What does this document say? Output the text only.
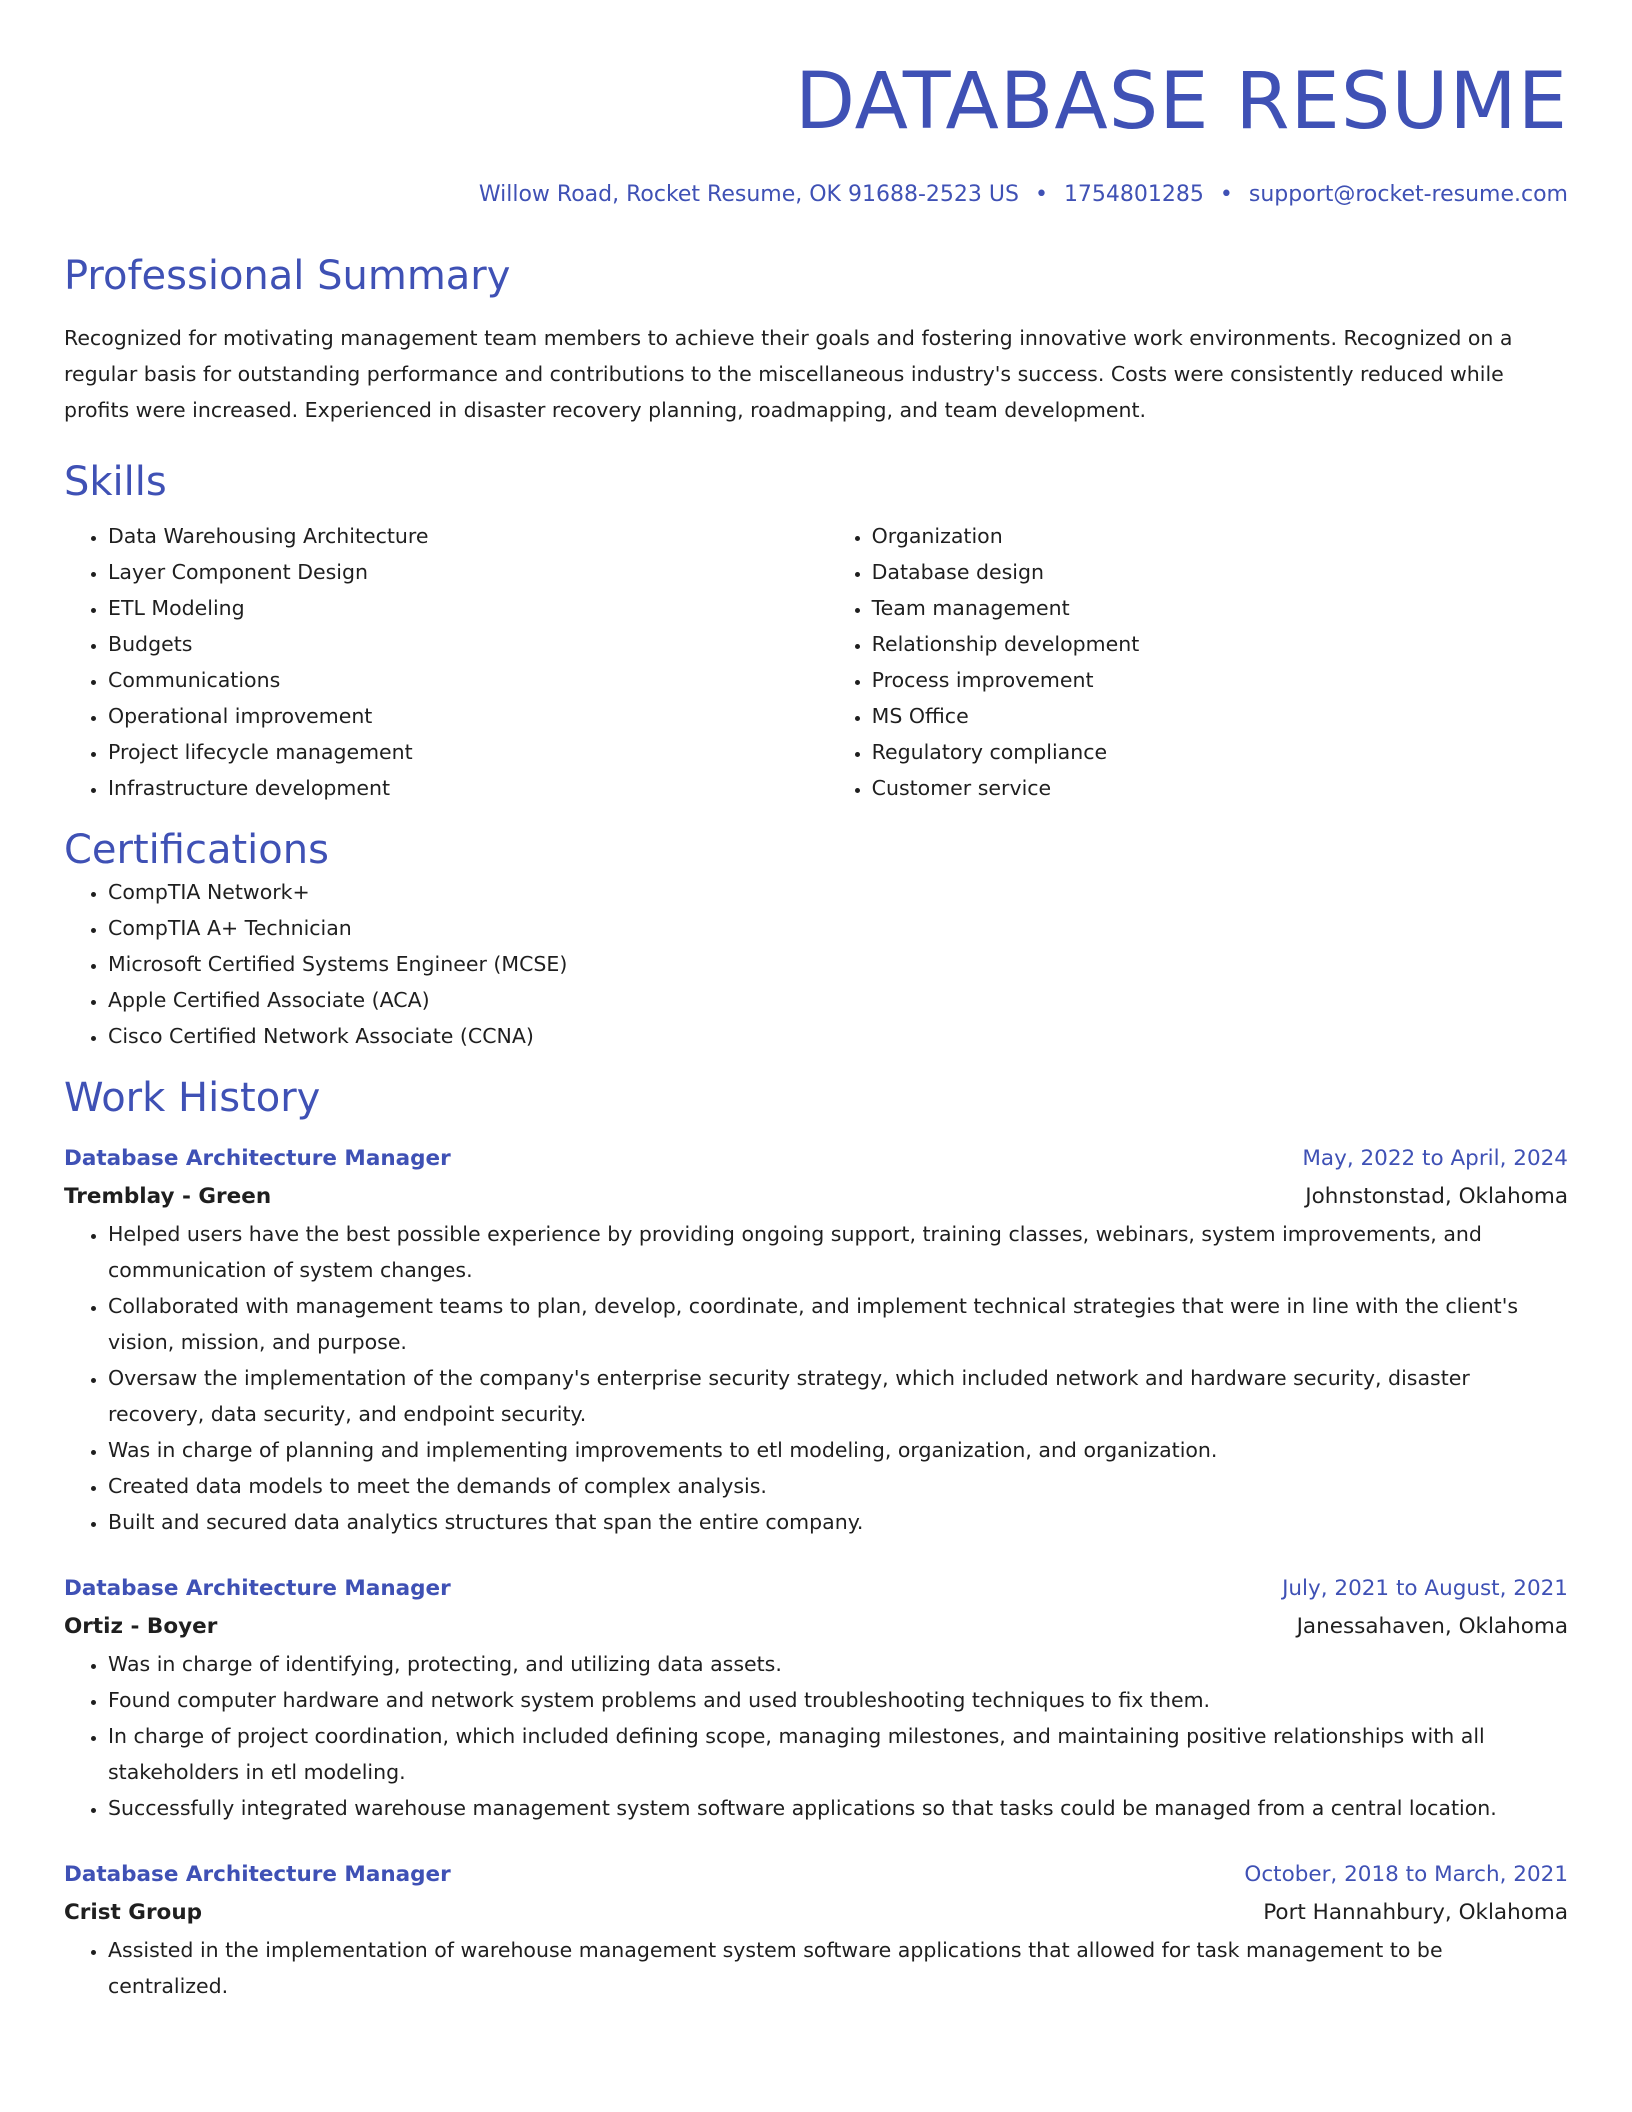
DATABASE RESUME
Willow Road, Rocket Resume, OK 91688-2523 US • 1754801285 • support@rocket-resume.com
Professional Summary

Recognized for motivating management team members to achieve their goals and fostering innovative work environments. Recognized on a regular basis for outstanding performance and contributions to the miscellaneous industry's success. Costs were consistently reduced while profits were increased. Experienced in disaster recovery planning, roadmapping, and team development.

Skills
• Data Warehousing Architecture
• Layer Component Design
• ETL Modeling
• Budgets
• Communications
• Operational improvement
• Project lifecycle management
• Infrastructure development
• Organization
• Database design
• Team management
• Relationship development
• Process improvement
• MS Office
• Regulatory compliance
• Customer service
Certifications
• CompTIA Network+
• CompTIA A+ Technician
• Microsoft Certified Systems Engineer (MCSE)
• Apple Certified Associate (ACA)
• Cisco Certified Network Associate (CCNA)
Work History
Database Architecture Manager	May, 2022 to April, 2024
Tremblay - Green	Johnstonstad, Oklahoma
• Helped users have the best possible experience by providing ongoing support, training classes, webinars, system improvements, and communication of system changes.
• Collaborated with management teams to plan, develop, coordinate, and implement technical strategies that were in line with the client's vision, mission, and purpose.
• Oversaw the implementation of the company's enterprise security strategy, which included network and hardware security, disaster recovery, data security, and endpoint security.
• Was in charge of planning and implementing improvements to etl modeling, organization, and organization.
• Created data models to meet the demands of complex analysis.
• Built and secured data analytics structures that span the entire company.
Database Architecture Manager	July, 2021 to August, 2021
Ortiz - Boyer	Janessahaven, Oklahoma
• Was in charge of identifying, protecting, and utilizing data assets.
• Found computer hardware and network system problems and used troubleshooting techniques to fix them.
• In charge of project coordination, which included defining scope, managing milestones, and maintaining positive relationships with all stakeholders in etl modeling.
• Successfully integrated warehouse management system software applications so that tasks could be managed from a central location.
Database Architecture Manager	October, 2018 to March, 2021
Crist Group	Port Hannahbury, Oklahoma
• Assisted in the implementation of warehouse management system software applications that allowed for task management to be centralized.
